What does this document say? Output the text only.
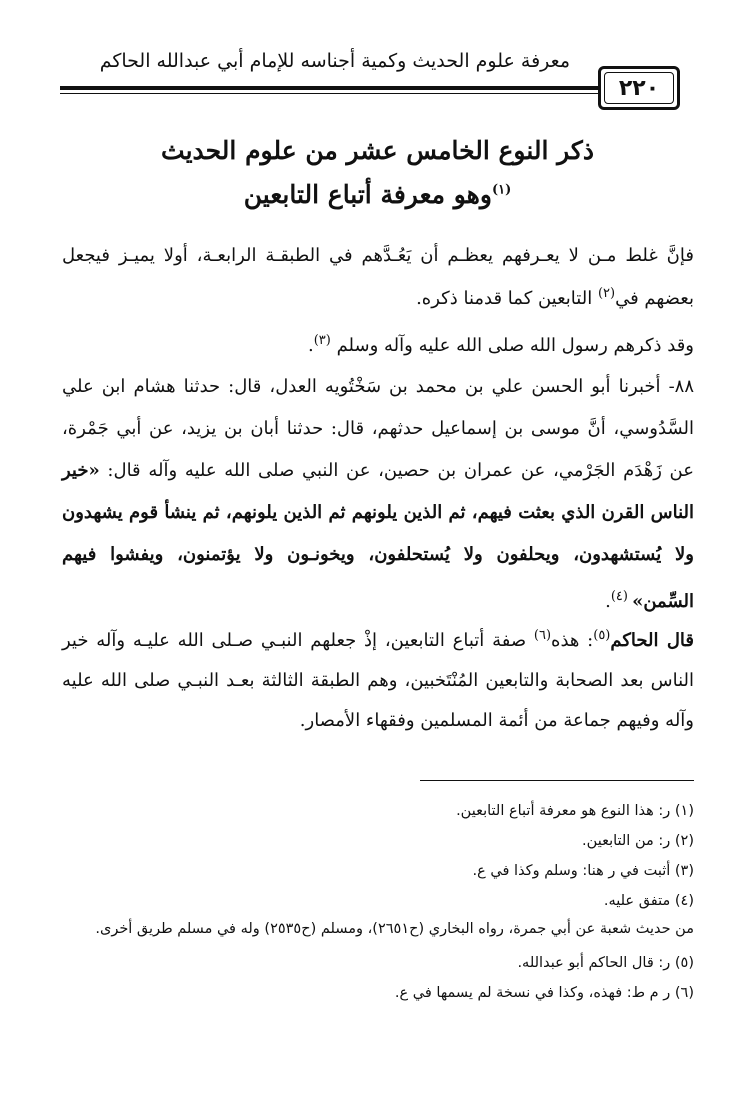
معرفة علوم الحديث وكمية أجناسه للإمام أبي عبدالله الحاكم
٢٢٠
ذكر النوع الخامس عشر من علوم الحديث
$^{(١)}$وهو معرفة أتباع التابعين
فإنَّ غلط مـن لا يعـرفهم يعظـم أن يَعُـدَّهم في الطبقـة الرابعـة، أولا يميـز فيجعل بعضهم في$^{(٢)}$ التابعين كما قدمنا ذكره.
وقد ذكرهم رسول الله صلى الله عليه وآله وسلم $^{(٣)}$.
٨٨- أخبرنا أبو الحسن علي بن محمد بن سَخْتُويه العدل، قال: حدثنا هشام ابن علي السَّدُوسي، أنَّ موسى بن إسماعيل حدثهم، قال: حدثنا أبان بن يزيد، عن أبي جَمْرة، عن زَهْدَم الجَرْمي، عن عمران بن حصين، عن النبي صلى الله عليه وآله قال: «خير الناس القرن الذي بعثت فيهم، ثم الذين يلونهم ثم الذين يلونهم، ثم ينشأ قوم يشهدون ولا يُستشهدون، ويحلفون ولا يُستحلفون، ويخونـون ولا يؤتمنون، ويفشوا فيهم السِّمن» $^{(٤)}$.
قال الحاكم$^{(٥)}$: هذه$^{(٦)}$ صفة أتباع التابعين، إذْ جعلهم النبـي صـلى الله عليـه وآله خير الناس بعد الصحابة والتابعين المُنْتَخبين، وهم الطبقة الثالثة بعـد النبـي صلى الله عليه وآله وفيهم جماعة من أئمة المسلمين وفقهاء الأمصار.
(١) ر: هذا النوع هو معرفة أتباع التابعين.
(٢) ر: من التابعين.
(٣) أثبت في ر هنا: وسلم وكذا في ع.
(٤) متفق عليه.
من حديث شعبة عن أبي جمرة، رواه البخاري (ح٢٦٥١)، ومسلم (ح٢٥٣٥) وله في مسلم طريق أخرى.
(٥) ر: قال الحاكم أبو عبدالله.
(٦) ر م ط: فهذه، وكذا في نسخة لم يسمها في ع.
